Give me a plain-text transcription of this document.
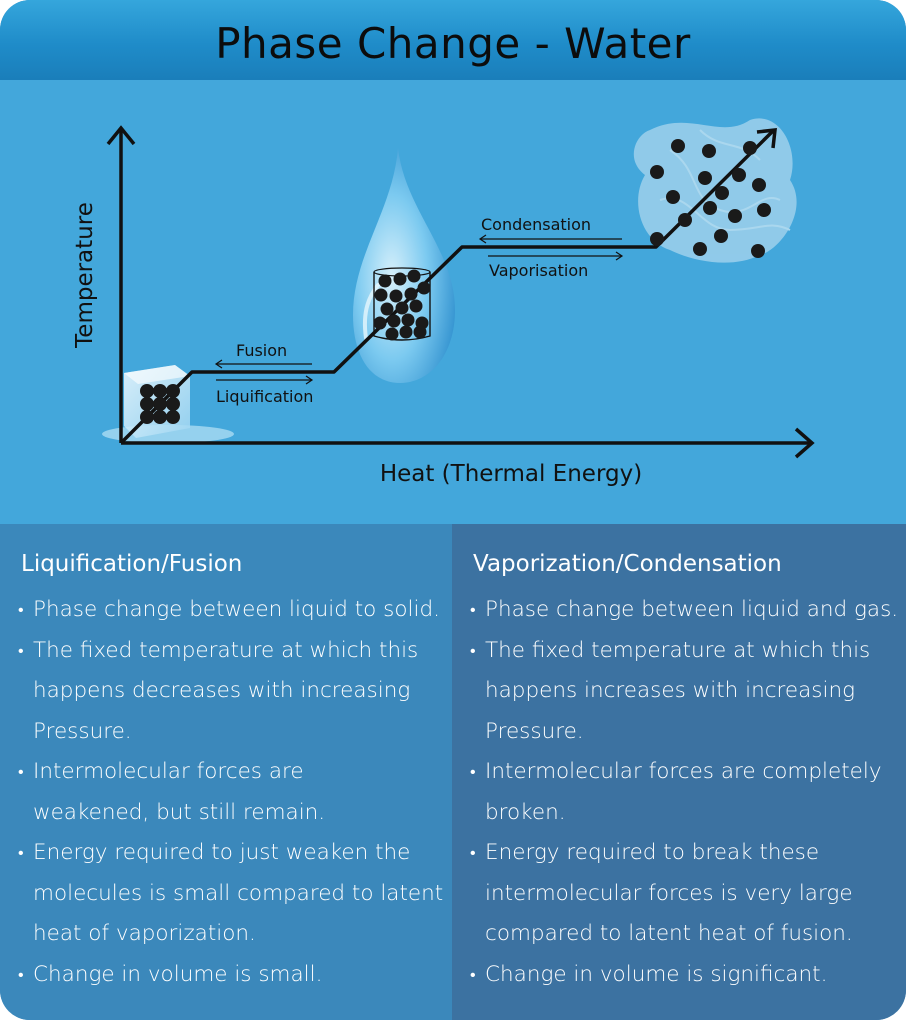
Phase Change - Water
Fusion
Liquification
Condensation
Vaporisation
Heat (Thermal Energy)
Temperature
Liquification/Fusion
• Phase change between liquid to solid.
• The fixed temperature at which this
happens decreases with increasing
Pressure.
• Intermolecular forces are
weakened, but still remain.
• Energy required to just weaken the
molecules is small compared to latent
heat of vaporization.
• Change in volume is small.
Vaporization/Condensation
• Phase change between liquid and gas.
• The fixed temperature at which this
happens increases with increasing
Pressure.
• Intermolecular forces are completely
broken.
• Energy required to break these
intermolecular forces is very large
compared to latent heat of fusion.
• Change in volume is significant.
